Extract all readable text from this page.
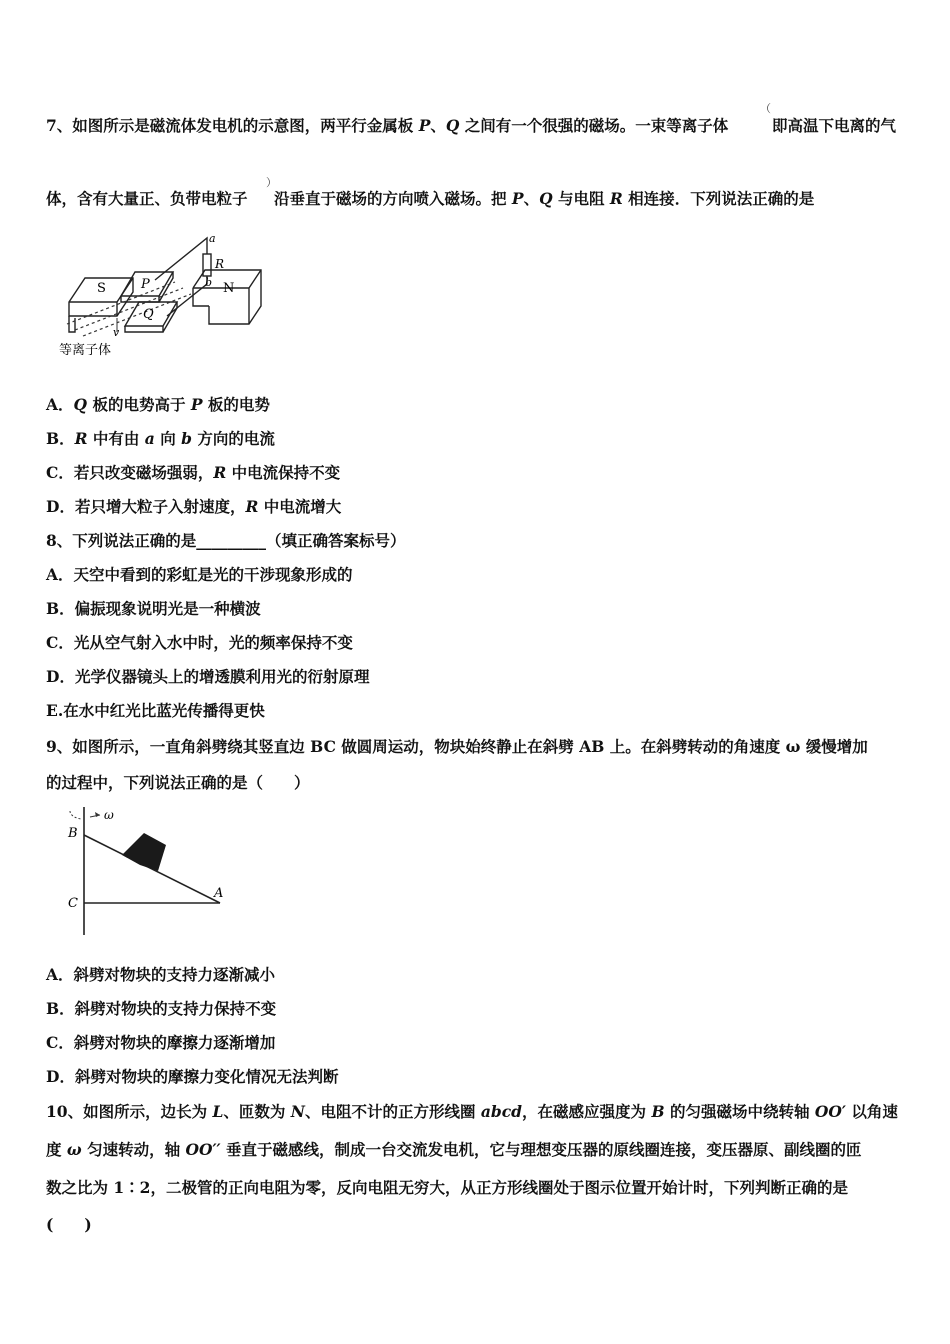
7、如图所示是磁流体发电机的示意图，两平行金属板 P、Q 之间有一个很强的磁场。一束等离子体
（
即高温下电离的气
体，含有大量正、负带电粒子
）
沿垂直于磁场的方向喷入磁场。把 P、Q 与电阻 R 相连接．下列说法正确的是
S	P
Q
N
a
R
b
v
等离子体
A．Q 板的电势高于 P 板的电势
B．R 中有由 a 向 b 方向的电流
C．若只改变磁场强弱，R 中电流保持不变
D．若只增大粒子入射速度，R 中电流增大
8、下列说法正确的是_________（填正确答案标号）
A．天空中看到的彩虹是光的干涉现象形成的
B．偏振现象说明光是一种横波
C．光从空气射入水中时，光的频率保持不变
D．光学仪器镜头上的增透膜利用光的衍射原理
E.在水中红光比蓝光传播得更快
9、如图所示，一直角斜劈绕其竖直边 BC 做圆周运动，物块始终静止在斜劈 AB 上。在斜劈转动的角速度 ω 缓慢增加
的过程中，下列说法正确的是（　　）
ω
B
C
A
A．斜劈对物块的支持力逐渐减小
B．斜劈对物块的支持力保持不变
C．斜劈对物块的摩擦力逐渐增加
D．斜劈对物块的摩擦力变化情况无法判断
10、如图所示，边长为 L、匝数为 N、电阻不计的正方形线圈 abcd，在磁感应强度为 B 的匀强磁场中绕转轴 OO′ 以角速
度 ω 匀速转动，轴 OO′′ 垂直于磁感线，制成一台交流发电机，它与理想变压器的原线圈连接，变压器原、副线圈的匝
数之比为 1∶2，二极管的正向电阻为零，反向电阻无穷大，从正方形线圈处于图示位置开始计时，下列判断正确的是
(　　)
